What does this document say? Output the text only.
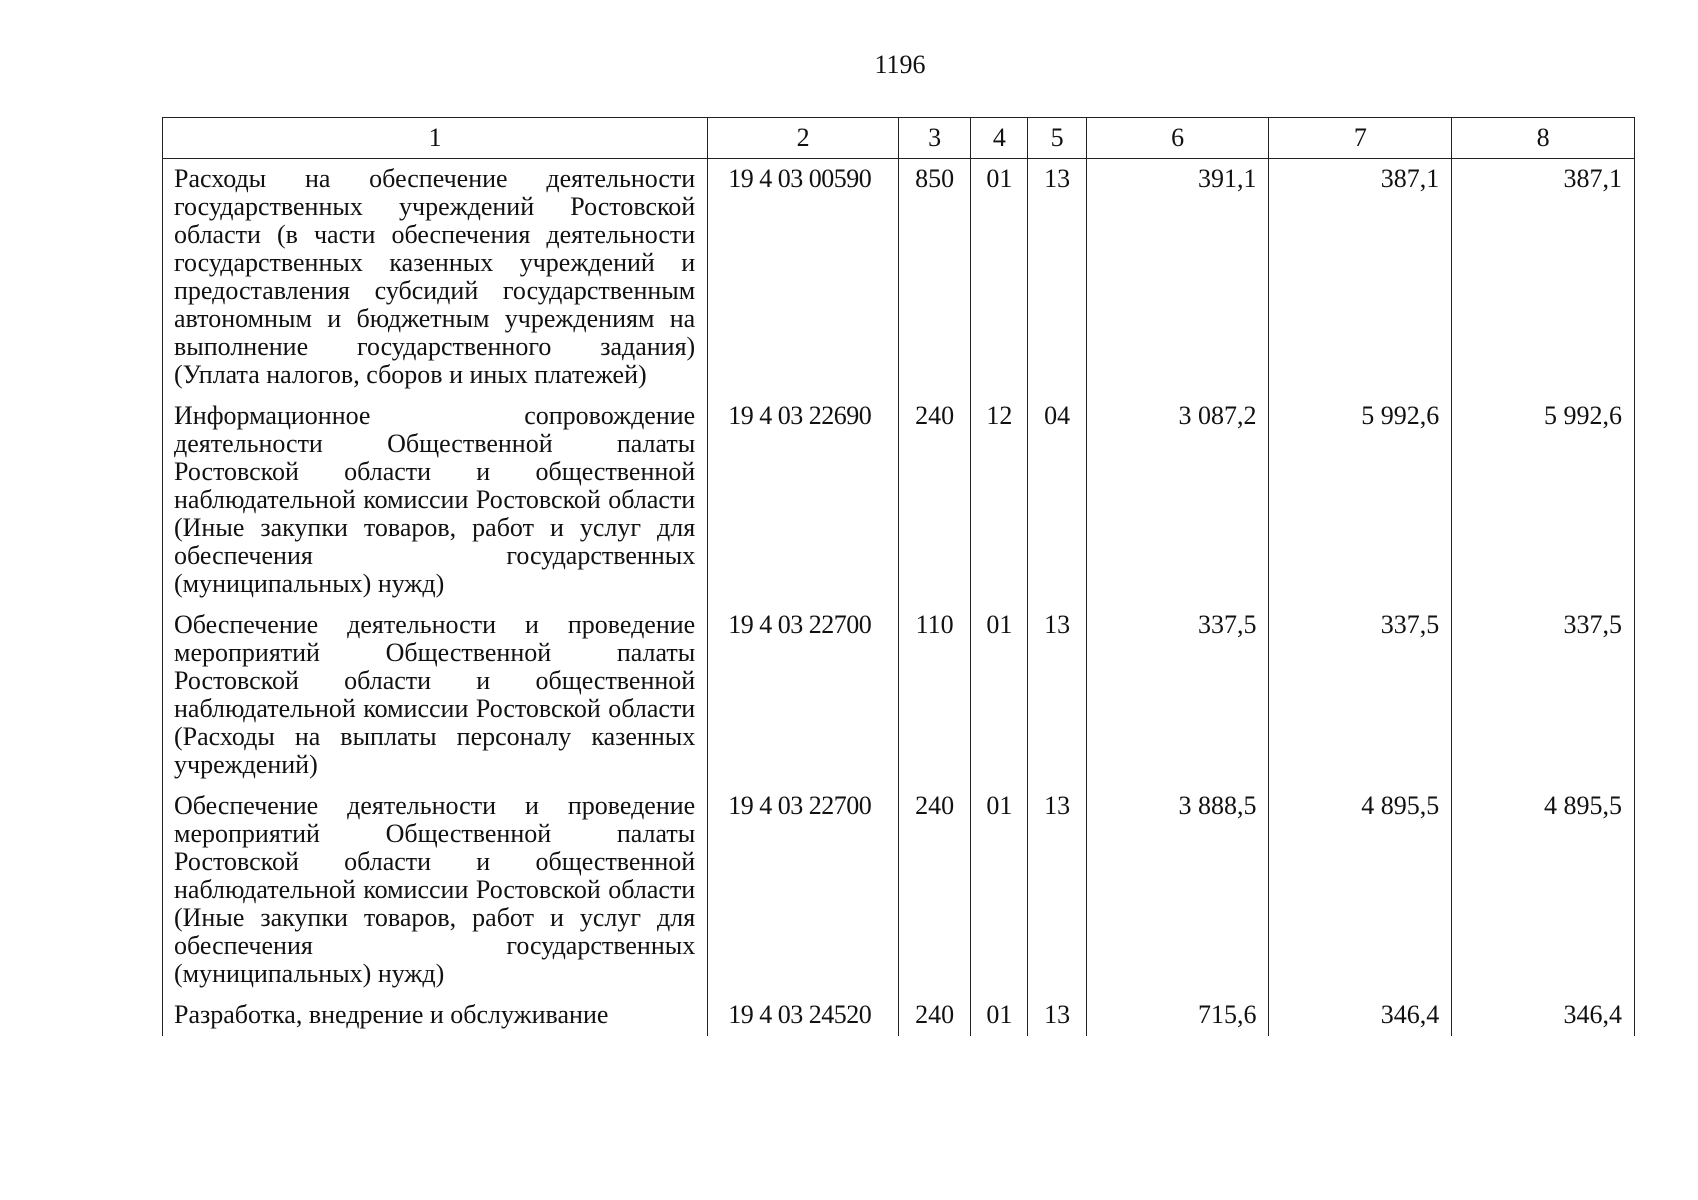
1196
1	2	3	4	5	6	7	8
Расходы на обеспечение деятельности государственных учреждений Ростовской области (в части обеспечения деятельности государственных казенных учреждений и предоставления субсидий государственным автономным и бюджетным учреждениям на выполнение государственного задания) (Уплата налогов, сборов и иных платежей)	19 4 03 00590	850	01	13	391,1	387,1	387,1
Информационное сопровождение деятельности Общественной палаты Ростовской области и общественной наблюдательной комиссии Ростовской области (Иные закупки товаров, работ и услуг для обеспечения государственных (муниципальных) нужд)	19 4 03 22690	240	12	04	3 087,2	5 992,6	5 992,6
Обеспечение деятельности и проведение мероприятий Общественной палаты Ростовской области и общественной наблюдательной комиссии Ростовской области (Расходы на выплаты персоналу казенных учреждений)	19 4 03 22700	110	01	13	337,5	337,5	337,5
Обеспечение деятельности и проведение мероприятий Общественной палаты Ростовской области и общественной наблюдательной комиссии Ростовской области (Иные закупки товаров, работ и услуг для обеспечения государственных (муниципальных) нужд)	19 4 03 22700	240	01	13	3 888,5	4 895,5	4 895,5
Разработка, внедрение и обслуживание	19 4 03 24520	240	01	13	715,6	346,4	346,4
